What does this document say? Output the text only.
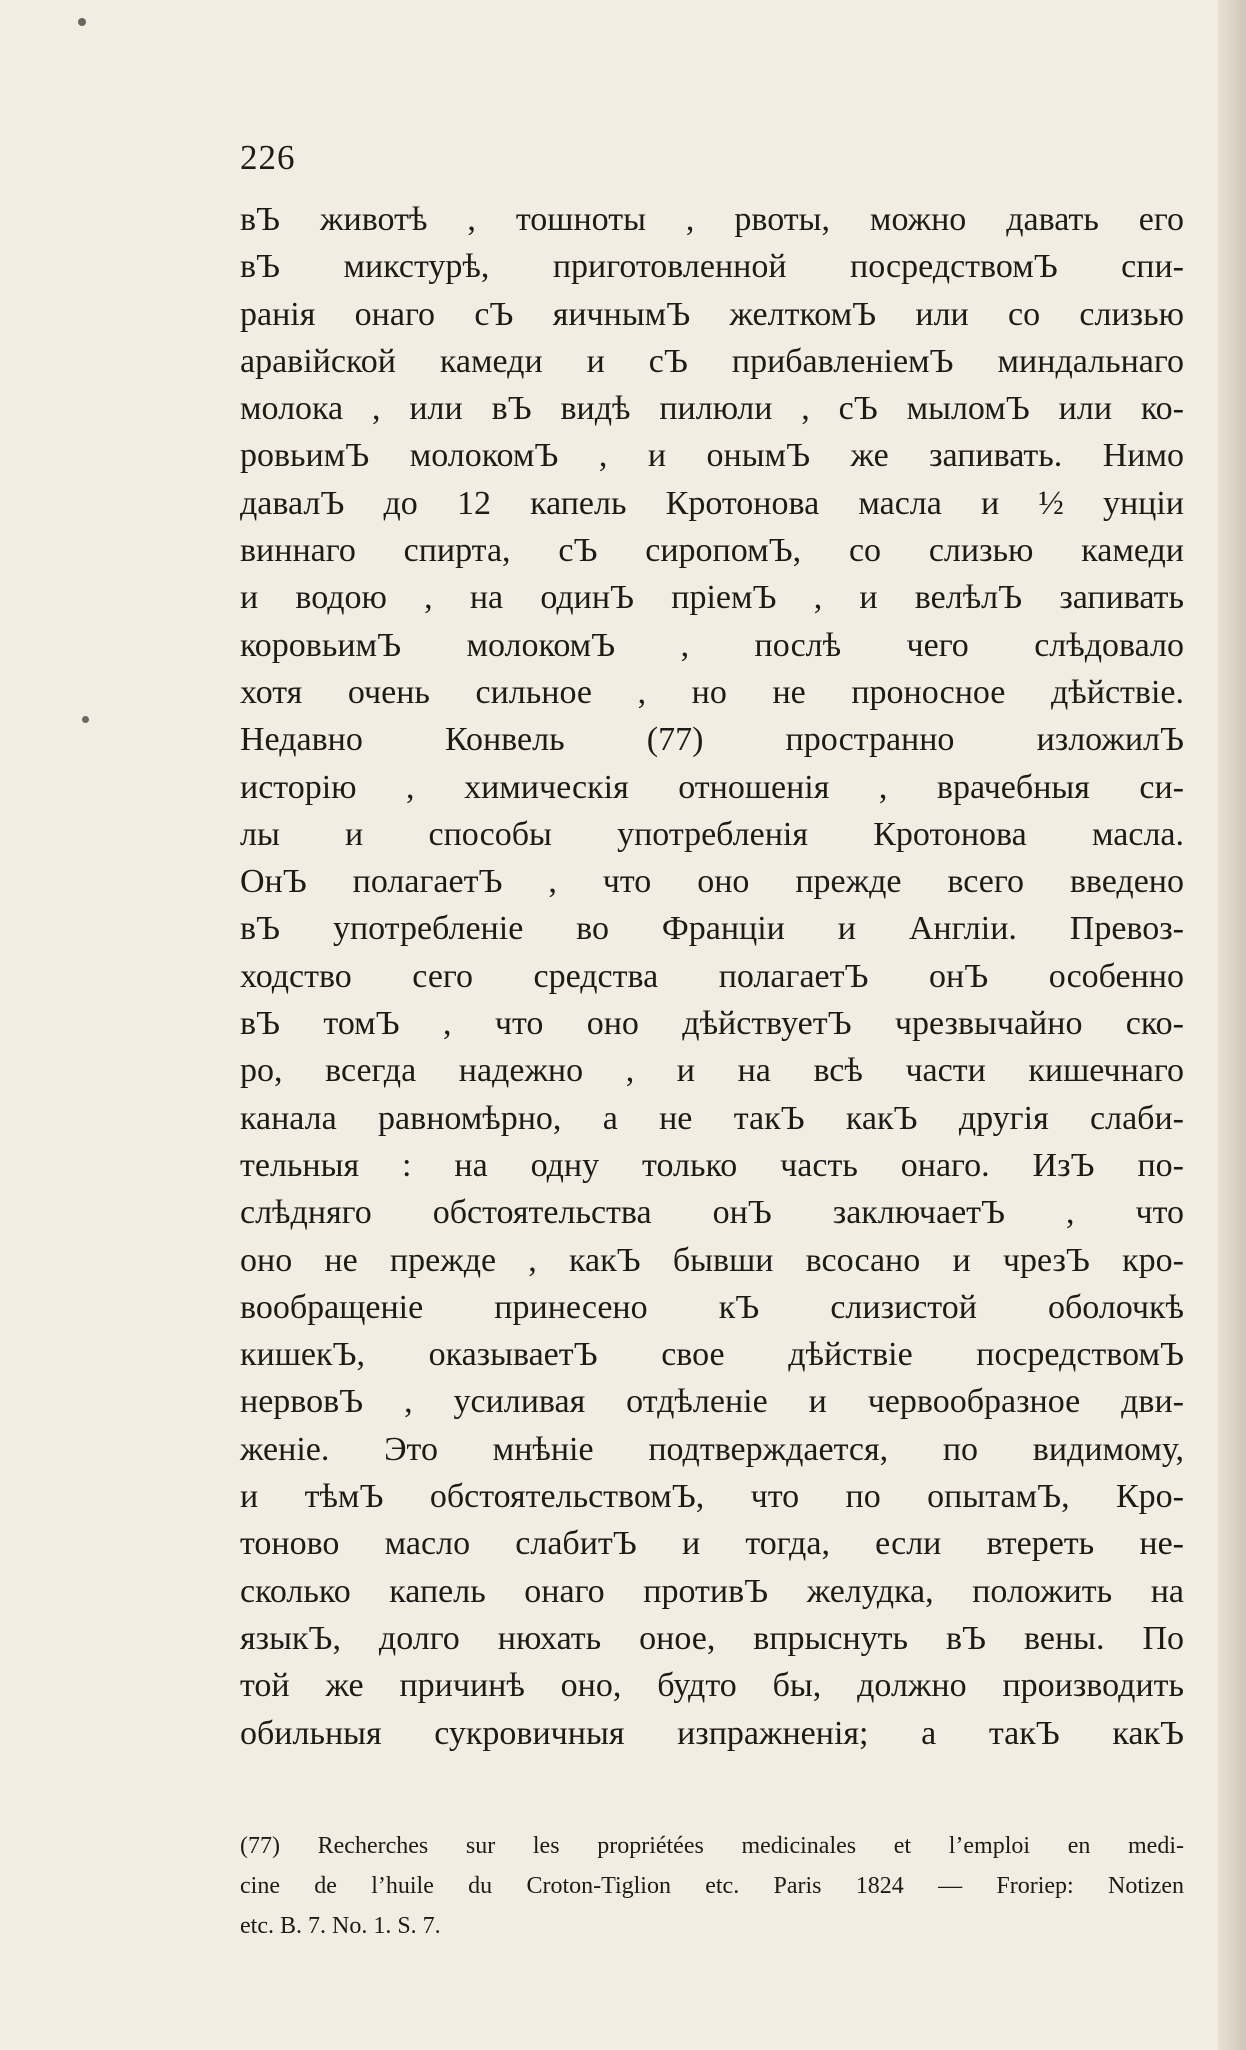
226
вЪ животѣ , тошноты , рвоты, можно давать его
вЪ микстурѣ, приготовленной посредствомЪ спи-
ранія онаго сЪ яичнымЪ желткомЪ или со слизью
аравійской камеди и сЪ прибавленіемЪ миндальнаго
молока , или вЪ видѣ пилюли , сЪ мыломЪ или ко-
ровьимЪ молокомЪ , и онымЪ же запивать. Нимо
давалЪ до 12 капель Кротонова масла и ½ унціи
виннаго спирта, сЪ сиропомЪ, со слизью камеди
и водою , на одинЪ пріемЪ , и велѣлЪ запивать
коровьимЪ молокомЪ , послѣ чего слѣдовало
хотя очень сильное , но не проносное дѣйствіе.
Недавно Конвель (77) пространно изложилЪ
исторію , химическія отношенія , врачебныя си-
лы и способы употребленія Кротонова масла.
ОнЪ полагаетЪ , что оно прежде всего введено
вЪ употребленіе во Франціи и Англіи. Превоз-
ходство сего средства полагаетЪ онЪ особенно
вЪ томЪ , что оно дѣйствуетЪ чрезвычайно ско-
ро, всегда надежно , и на всѣ части кишечнаго
канала равномѣрно, а не такЪ какЪ другія слаби-
тельныя : на одну только часть онаго. ИзЪ по-
слѣдняго обстоятельства онЪ заключаетЪ , что
оно не прежде , какЪ бывши всосано и чрезЪ кро-
вообращеніе принесено кЪ слизистой оболочкѣ
кишекЪ, оказываетЪ свое дѣйствіе посредствомЪ
нервовЪ , усиливая отдѣленіе и червообразное дви-
женіе. Это мнѣніе подтверждается, по видимому,
и тѣмЪ обстоятельствомЪ, что по опытамЪ, Кро-
тоново масло слабитЪ и тогда, если втереть не-
сколько капель онаго противЪ желудка, положить на
языкЪ, долго нюхать оное, впрыснуть вЪ вены. По
той же причинѣ оно, будто бы, должно производить
обильныя сукровичныя изпражненія; а такЪ какЪ
(77) Recherches sur les propriétées medicinales et l’emploi en medi-
cine de l’huile du Croton-Tiglion etc. Paris 1824 — Froriep: Notizen
etc. B. 7. No. 1. S. 7.
